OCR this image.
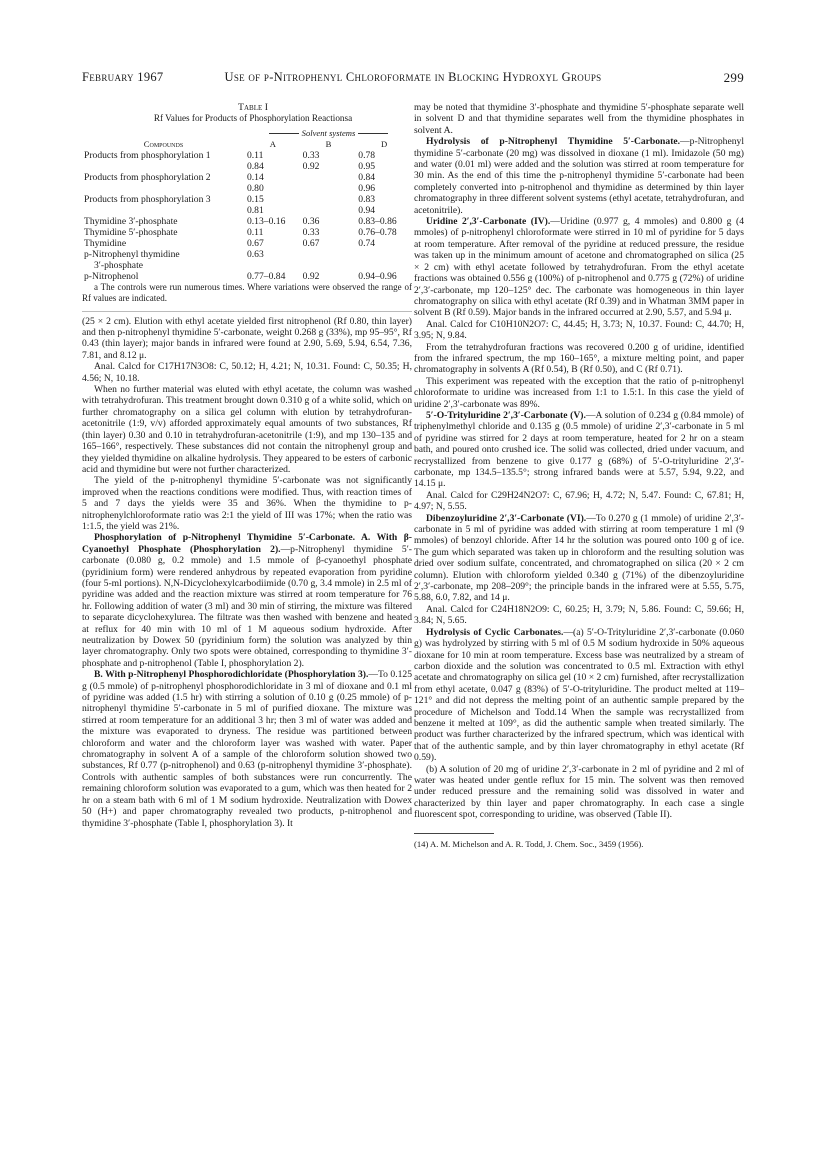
February 1967	Use of p-Nitrophenyl Chloroformate in Blocking Hydroxyl Groups	299

Table I

Rf Values for Products of Phosphorylation Reactionsa

	Solvent systems		
Compounds	A	B	D
Products from phosphorylation 1	0.11	0.33	0.78
	0.84	0.92	0.95
Products from phosphorylation 2	0.14		0.84
	0.80		0.96
Products from phosphorylation 3	0.15		0.83
	0.81		0.94
Thymidine 3′-phosphate	0.13–0.16	0.36	0.83–0.86
Thymidine 5′-phosphate	0.11	0.33	0.76–0.78
Thymidine	0.67	0.67	0.74
p-Nitrophenyl thymidine	0.63		
3′-phosphate			
p-Nitrophenol	0.77–0.84	0.92	0.94–0.96

a The controls were run numerous times. Where variations were observed the range of Rf values are indicated.

(25 × 2 cm). Elution with ethyl acetate yielded first nitrophenol (Rf 0.80, thin layer) and then p-nitrophenyl thymidine 5′-carbonate, weight 0.268 g (33%), mp 95–95°, Rf 0.43 (thin layer); major bands in infrared were found at 2.90, 5.69, 5.94, 6.54, 7.36, 7.81, and 8.12 μ.

Anal. Calcd for C17H17N3O8: C, 50.12; H, 4.21; N, 10.31. Found: C, 50.35; H, 4.56; N, 10.18.

When no further material was eluted with ethyl acetate, the column was washed with tetrahydrofuran. This treatment brought down 0.310 g of a white solid, which on further chromatography on a silica gel column with elution by tetrahydrofuran-acetonitrile (1:9, v/v) afforded approximately equal amounts of two substances, Rf (thin layer) 0.30 and 0.10 in tetrahydrofuran-acetonitrile (1:9), and mp 130–135 and 165–166°, respectively. These substances did not contain the nitrophenyl group and they yielded thymidine on alkaline hydrolysis. They appeared to be esters of carbonic acid and thymidine but were not further characterized.

The yield of the p-nitrophenyl thymidine 5′-carbonate was not significantly improved when the reactions conditions were modified. Thus, with reaction times of 5 and 7 days the yields were 35 and 36%. When the thymidine to p-nitrophenylchloroformate ratio was 2:1 the yield of III was 17%; when the ratio was 1:1.5, the yield was 21%.

Phosphorylation of p-Nitrophenyl Thymidine 5′-Carbonate. A. With β-Cyanoethyl Phosphate (Phosphorylation 2).—p-Nitrophenyl thymidine 5′-carbonate (0.080 g, 0.2 mmole) and 1.5 mmole of β-cyanoethyl phosphate (pyridinium form) were rendered anhydrous by repeated evaporation from pyridine (four 5-ml portions). N,N-Dicyclohexylcarbodiimide (0.70 g, 3.4 mmole) in 2.5 ml of pyridine was added and the reaction mixture was stirred at room temperature for 76 hr. Following addition of water (3 ml) and 30 min of stirring, the mixture was filtered to separate dicyclohexylurea. The filtrate was then washed with benzene and heated at reflux for 40 min with 10 ml of 1 M aqueous sodium hydroxide. After neutralization by Dowex 50 (pyridinium form) the solution was analyzed by thin layer chromatography. Only two spots were obtained, corresponding to thymidine 3′-phosphate and p-nitrophenol (Table I, phosphorylation 2).

B. With p-Nitrophenyl Phosphorodichloridate (Phosphorylation 3).—To 0.125 g (0.5 mmole) of p-nitrophenyl phosphorodichloridate in 3 ml of dioxane and 0.1 ml of pyridine was added (1.5 hr) with stirring a solution of 0.10 g (0.25 mmole) of p-nitrophenyl thymidine 5′-carbonate in 5 ml of purified dioxane. The mixture was stirred at room temperature for an additional 3 hr; then 3 ml of water was added and the mixture was evaporated to dryness. The residue was partitioned between chloroform and water and the chloroform layer was washed with water. Paper chromatography in solvent A of a sample of the chloroform solution showed two substances, Rf 0.77 (p-nitrophenol) and 0.63 (p-nitrophenyl thymidine 3′-phosphate). Controls with authentic samples of both substances were run concurrently. The remaining chloroform solution was evaporated to a gum, which was then heated for 2 hr on a steam bath with 6 ml of 1 M sodium hydroxide. Neutralization with Dowex 50 (H+) and paper chromatography revealed two products, p-nitrophenol and thymidine 3′-phosphate (Table I, phosphorylation 3). It

may be noted that thymidine 3′-phosphate and thymidine 5′-phosphate separate well in solvent D and that thymidine separates well from the thymidine phosphates in solvent A.

Hydrolysis of p-Nitrophenyl Thymidine 5′-Carbonate.—p-Nitrophenyl thymidine 5′-carbonate (20 mg) was dissolved in dioxane (1 ml). Imidazole (50 mg) and water (0.01 ml) were added and the solution was stirred at room temperature for 30 min. As the end of this time the p-nitrophenyl thymidine 5′-carbonate had been completely converted into p-nitrophenol and thymidine as determined by thin layer chromatography in three different solvent systems (ethyl acetate, tetrahydrofuran, and acetonitrile).

Uridine 2′,3′-Carbonate (IV).—Uridine (0.977 g, 4 mmoles) and 0.800 g (4 mmoles) of p-nitrophenyl chloroformate were stirred in 10 ml of pyridine for 5 days at room temperature. After removal of the pyridine at reduced pressure, the residue was taken up in the minimum amount of acetone and chromatographed on silica (25 × 2 cm) with ethyl acetate followed by tetrahydrofuran. From the ethyl acetate fractions was obtained 0.556 g (100%) of p-nitrophenol and 0.775 g (72%) of uridine 2′,3′-carbonate, mp 120–125° dec. The carbonate was homogeneous in thin layer chromatography on silica with ethyl acetate (Rf 0.39) and in Whatman 3MM paper in solvent B (Rf 0.59). Major bands in the infrared occurred at 2.90, 5.57, and 5.94 μ.

Anal. Calcd for C10H10N2O7: C, 44.45; H, 3.73; N, 10.37. Found: C, 44.70; H, 3.95; N, 9.84.

From the tetrahydrofuran fractions was recovered 0.200 g of uridine, identified from the infrared spectrum, the mp 160–165°, a mixture melting point, and paper chromatography in solvents A (Rf 0.54), B (Rf 0.50), and C (Rf 0.71).

This experiment was repeated with the exception that the ratio of p-nitrophenyl chloroformate to uridine was increased from 1:1 to 1.5:1. In this case the yield of uridine 2′,3′-carbonate was 89%.

5′-O-Trityluridine 2′,3′-Carbonate (V).—A solution of 0.234 g (0.84 mmole) of triphenylmethyl chloride and 0.135 g (0.5 mmole) of uridine 2′,3′-carbonate in 5 ml of pyridine was stirred for 2 days at room temperature, heated for 2 hr on a steam bath, and poured onto crushed ice. The solid was collected, dried under vacuum, and recrystallized from benzene to give 0.177 g (68%) of 5′-O-trityluridine 2′,3′-carbonate, mp 134.5–135.5°; strong infrared bands were at 5.57, 5.94, 9.22, and 14.15 μ.

Anal. Calcd for C29H24N2O7: C, 67.96; H, 4.72; N, 5.47. Found: C, 67.81; H, 4.97; N, 5.55.

Dibenzoyluridine 2′,3′-Carbonate (VI).—To 0.270 g (1 mmole) of uridine 2′,3′-carbonate in 5 ml of pyridine was added with stirring at room temperature 1 ml (9 mmoles) of benzoyl chloride. After 14 hr the solution was poured onto 100 g of ice. The gum which separated was taken up in chloroform and the resulting solution was dried over sodium sulfate, concentrated, and chromatographed on silica (20 × 2 cm column). Elution with chloroform yielded 0.340 g (71%) of the dibenzoyluridine 2′,3′-carbonate, mp 208–209°; the principle bands in the infrared were at 5.55, 5.75, 5.88, 6.0, 7.82, and 14 μ.

Anal. Calcd for C24H18N2O9: C, 60.25; H, 3.79; N, 5.86. Found: C, 59.66; H, 3.84; N, 5.65.

Hydrolysis of Cyclic Carbonates.—(a) 5′-O-Trityluridine 2′,3′-carbonate (0.060 g) was hydrolyzed by stirring with 5 ml of 0.5 M sodium hydroxide in 50% aqueous dioxane for 10 min at room temperature. Excess base was neutralized by a stream of carbon dioxide and the solution was concentrated to 0.5 ml. Extraction with ethyl acetate and chromatography on silica gel (10 × 2 cm) furnished, after recrystallization from ethyl acetate, 0.047 g (83%) of 5′-O-trityluridine. The product melted at 119–121° and did not depress the melting point of an authentic sample prepared by the procedure of Michelson and Todd.14 When the sample was recrystallized from benzene it melted at 109°, as did the authentic sample when treated similarly. The product was further characterized by the infrared spectrum, which was identical with that of the authentic sample, and by thin layer chromatography in ethyl acetate (Rf 0.59).

(b) A solution of 20 mg of uridine 2′,3′-carbonate in 2 ml of pyridine and 2 ml of water was heated under gentle reflux for 15 min. The solvent was then removed under reduced pressure and the remaining solid was dissolved in water and characterized by thin layer and paper chromatography. In each case a single fluorescent spot, corresponding to uridine, was observed (Table II).

(14) A. M. Michelson and A. R. Todd, J. Chem. Soc., 3459 (1956).
